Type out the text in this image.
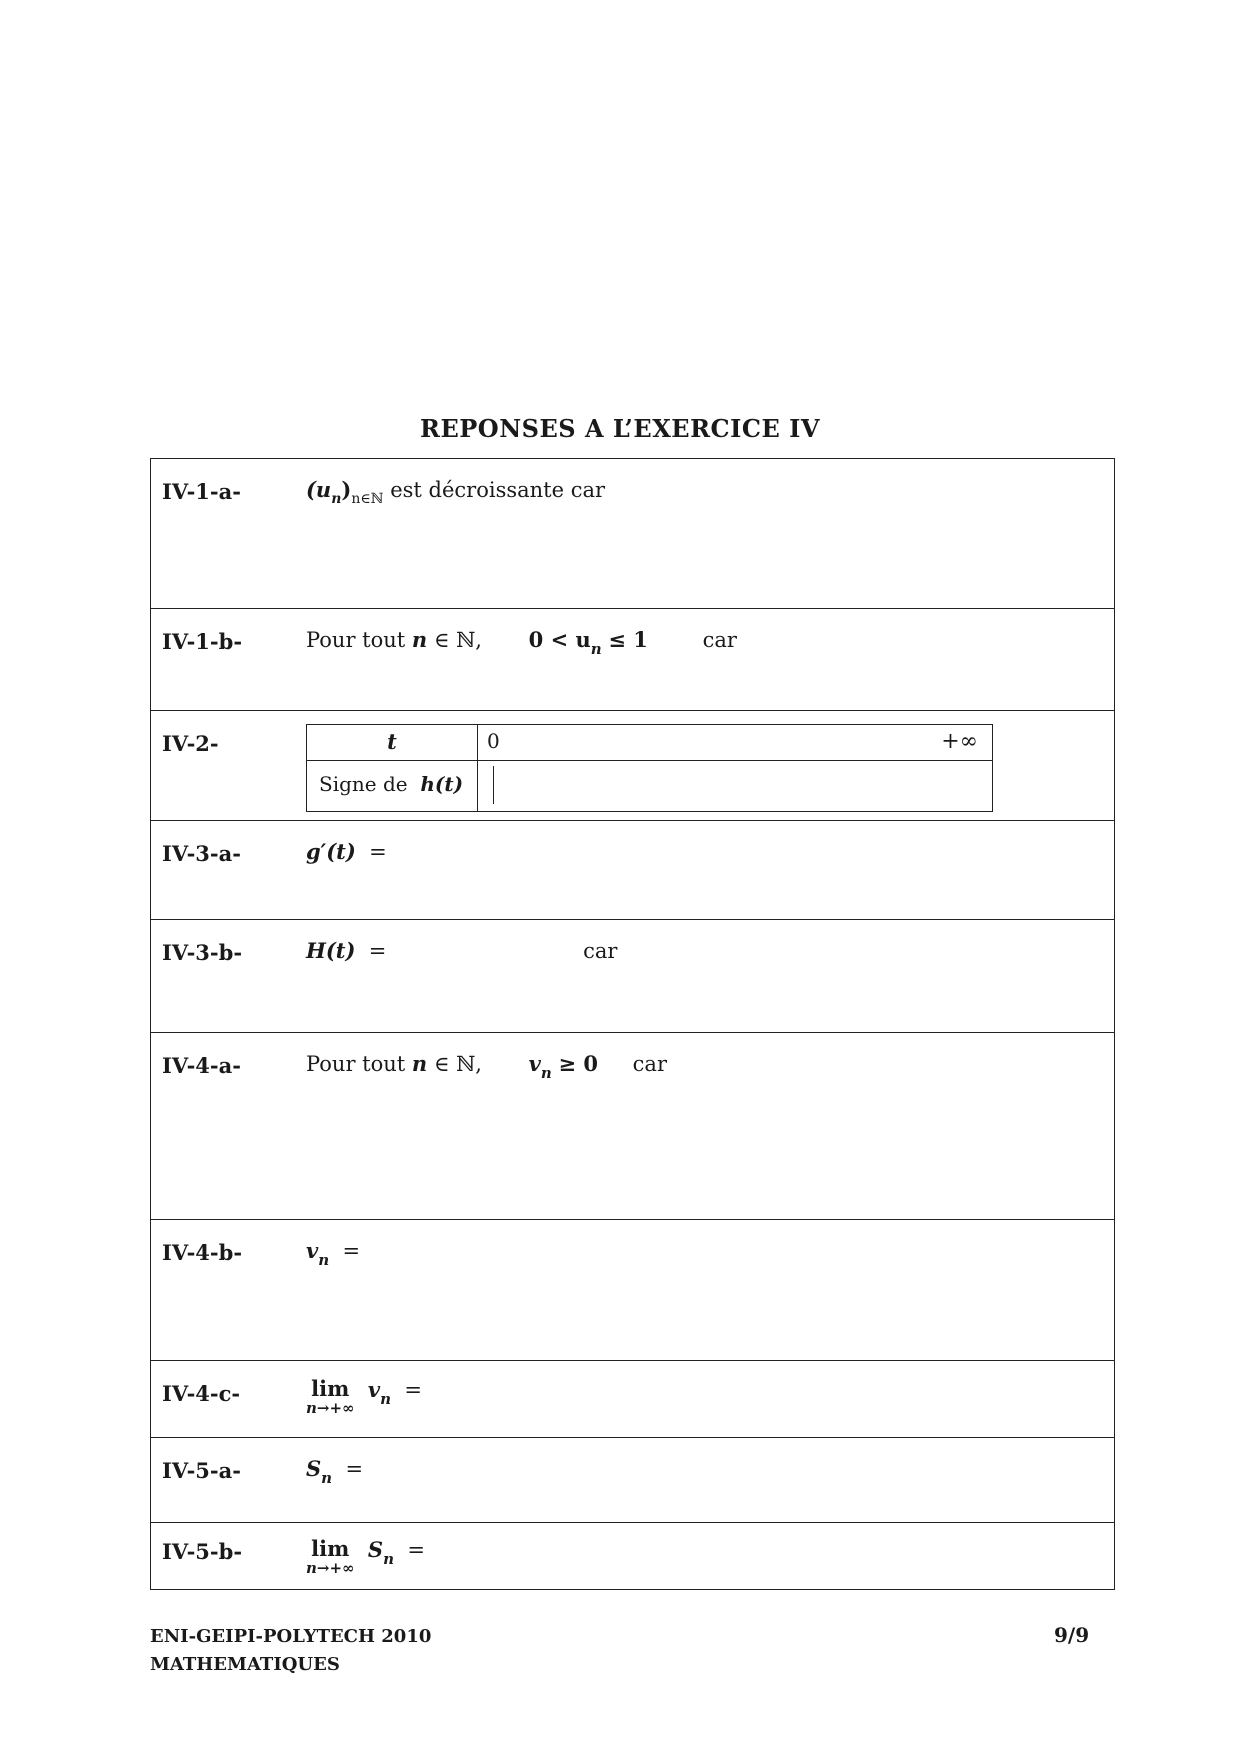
REPONSES A L’EXERCICE IV
IV-1-a-	$(u_n)_{n\in ℕ}$ est décroissante car
IV-1-b-	Pour tout n ∈ ℕ, $0 < u_n \le 1$	car
IV-2-	t	0	+∞
Signe de h(t)
IV-3-a-	g′(t) =
IV-3-b-	H(t) =	car
IV-4-a-	Pour tout n ∈ ℕ, $v_n \ge 0$ car
IV-4-b-	$v_n$ =
IV-4-c-	lim
n→+∞
$v_n$ =
IV-5-a-	$S_n$ =
IV-5-b-	lim
n→+∞
$S_n$ =
ENI-GEIPI-POLYTECH 2010
MATHEMATIQUES
9/9
